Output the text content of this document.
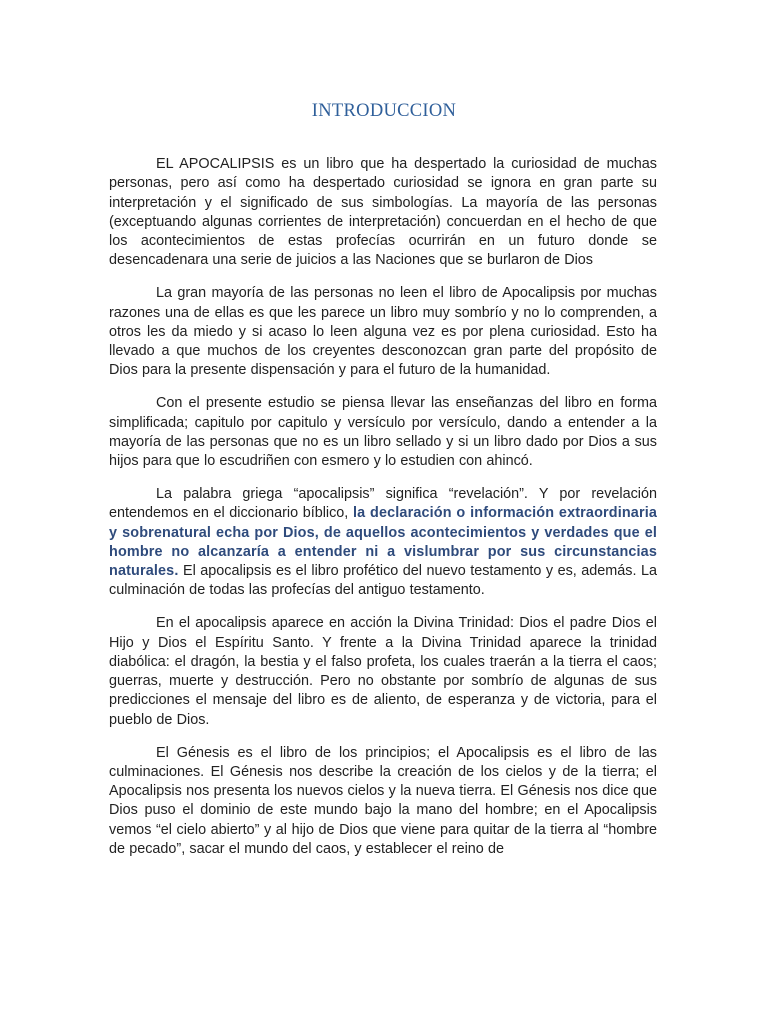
INTRODUCCION

EL APOCALIPSIS es un libro que ha despertado la curiosidad de muchas personas, pero así como ha despertado curiosidad se ignora en gran parte su interpretación y el significado de sus simbologías. La mayoría de las personas (exceptuando algunas corrientes de interpretación) concuerdan en el hecho de que los acontecimientos de estas profecías ocurrirán en un futuro donde se desencadenara una serie de juicios a las Naciones que se burlaron de Dios

La gran mayoría de las personas no leen el libro de Apocalipsis por muchas razones una de ellas es que les parece un libro muy sombrío y no lo comprenden, a otros les da miedo y si acaso lo leen alguna vez es por plena curiosidad. Esto ha llevado a que muchos de los creyentes desconozcan gran parte del propósito de Dios para la presente dispensación y para el futuro de la humanidad.

Con el presente estudio se piensa llevar las enseñanzas del libro en forma simplificada; capitulo por capitulo y versículo por versículo, dando a entender a la mayoría de las personas que no es un libro sellado y si un libro dado por Dios a sus hijos para que lo escudriñen con esmero y lo estudien con ahincó.

La palabra griega “apocalipsis” significa “revelación”. Y por revelación entendemos en el diccionario bíblico, la declaración o información extraordinaria y sobrenatural echa por Dios, de aquellos acontecimientos y verdades que el hombre no alcanzaría a entender ni a vislumbrar por sus circunstancias naturales. El apocalipsis es el libro profético del nuevo testamento y es, además. La culminación de todas las profecías del antiguo testamento.

En el apocalipsis aparece en acción la Divina Trinidad: Dios el padre Dios el Hijo y Dios el Espíritu Santo. Y frente a la Divina Trinidad aparece la trinidad diabólica: el dragón, la bestia y el falso profeta, los cuales traerán a la tierra el caos; guerras, muerte y destrucción. Pero no obstante por sombrío de algunas de sus predicciones el mensaje del libro es de aliento, de esperanza y de victoria, para el pueblo de Dios.

El Génesis es el libro de los principios; el Apocalipsis es el libro de las culminaciones. El Génesis nos describe la creación de los cielos y de la tierra; el Apocalipsis nos presenta los nuevos cielos y la nueva tierra. El Génesis nos dice que Dios puso el dominio de este mundo bajo la mano del hombre; en el Apocalipsis vemos “el cielo abierto” y al hijo de Dios que viene para quitar de la tierra al “hombre de pecado”, sacar el mundo del caos, y establecer el reino de
